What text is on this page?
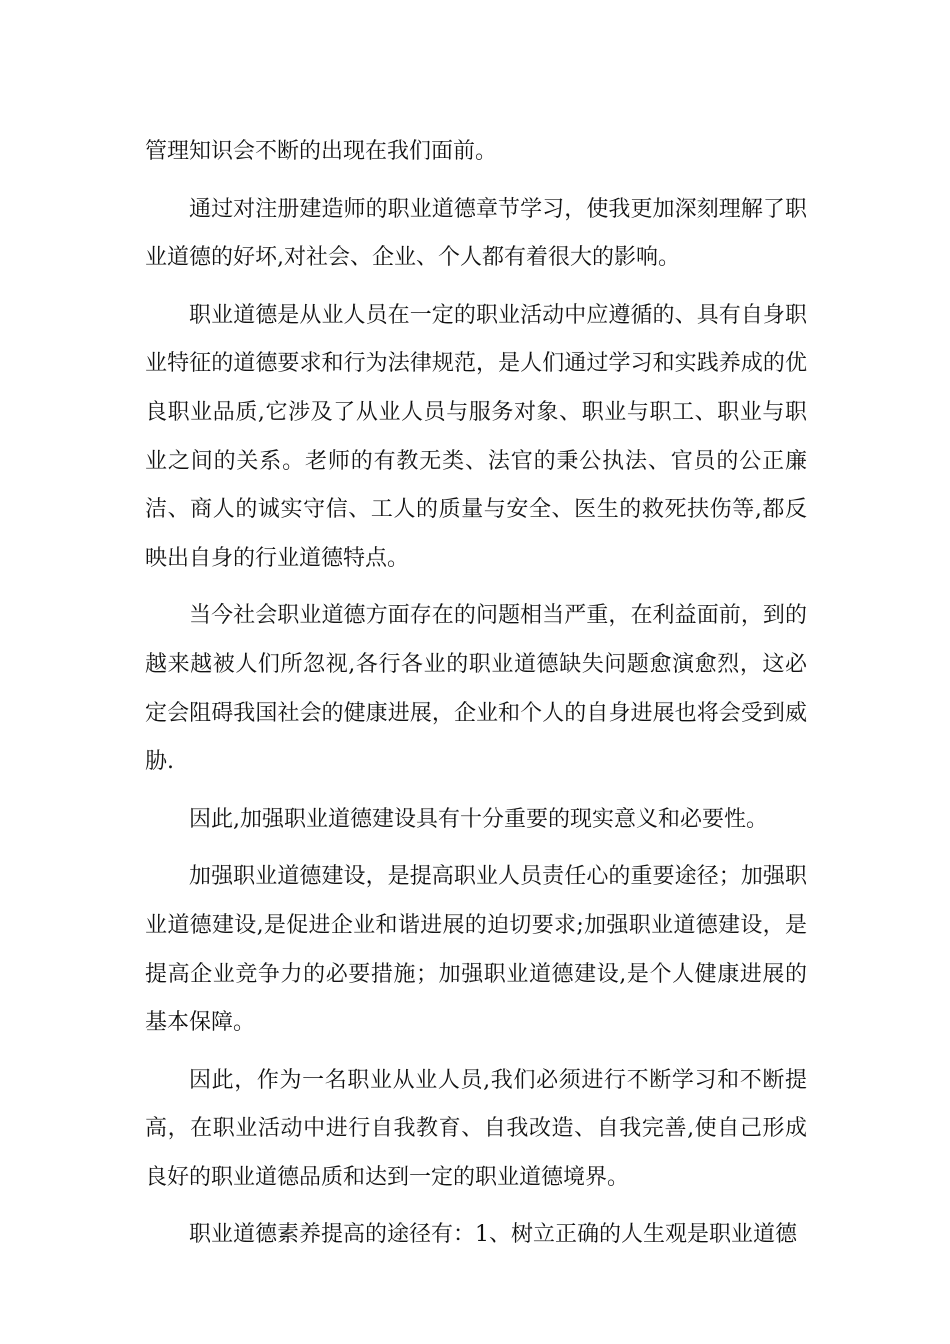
管理知识会不断的出现在我们面前。

通过对注册建造师的职业道德章节学习，使我更加深刻理解了职业道德的好坏,对社会、企业、个人都有着很大的影响。

职业道德是从业人员在一定的职业活动中应遵循的、具有自身职业特征的道德要求和行为法律规范，是人们通过学习和实践养成的优良职业品质,它涉及了从业人员与服务对象、职业与职工、职业与职业之间的关系。老师的有教无类、法官的秉公执法、官员的公正廉洁、商人的诚实守信、工人的质量与安全、医生的救死扶伤等,都反映出自身的行业道德特点。

当今社会职业道德方面存在的问题相当严重，在利益面前，到的越来越被人们所忽视,各行各业的职业道德缺失问题愈演愈烈，这必定会阻碍我国社会的健康进展，企业和个人的自身进展也将会受到威胁.

因此,加强职业道德建设具有十分重要的现实意义和必要性。

加强职业道德建设，是提高职业人员责任心的重要途径；加强职业道德建设,是促进企业和谐进展的迫切要求;加强职业道德建设，是提高企业竞争力的必要措施；加强职业道德建设,是个人健康进展的基本保障。

因此，作为一名职业从业人员,我们必须进行不断学习和不断提高，在职业活动中进行自我教育、自我改造、自我完善,使自己形成良好的职业道德品质和达到一定的职业道德境界。

职业道德素养提高的途径有：1、树立正确的人生观是职业道德
